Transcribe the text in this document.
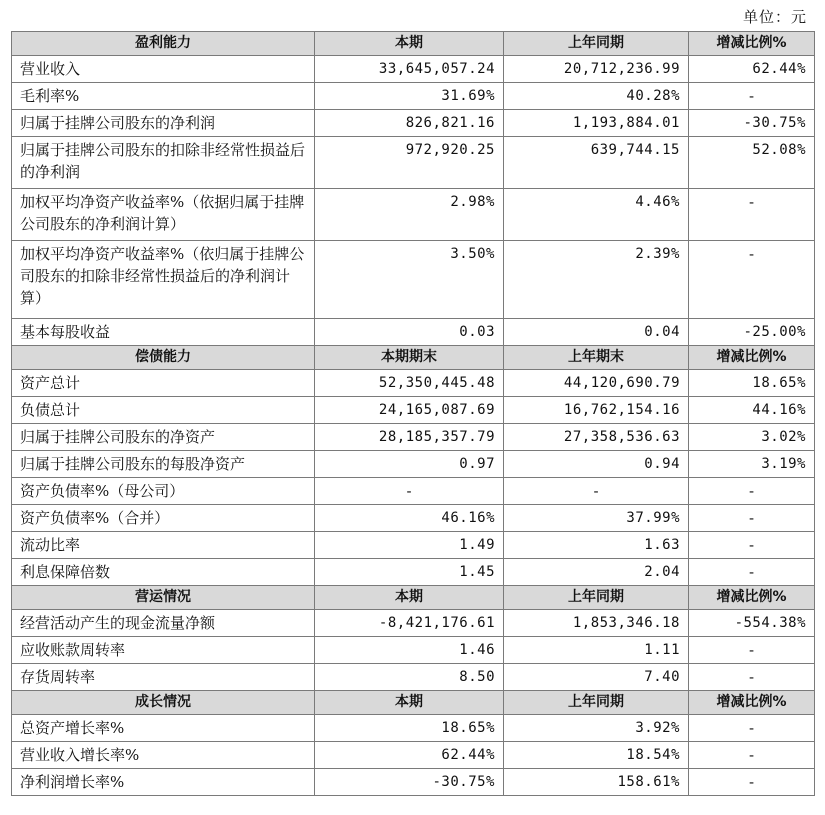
单位：元
盈利能力	本期	上年同期	增减比例%
营业收入	33,645,057.24	20,712,236.99	62.44%
毛利率%	31.69%	40.28%	-
归属于挂牌公司股东的净利润	826,821.16	1,193,884.01	-30.75%
归属于挂牌公司股东的扣除非经常性损益后的净利润	972,920.25	639,744.15	52.08%
加权平均净资产收益率%（依据归属于挂牌公司股东的净利润计算）	2.98%	4.46%	-
加权平均净资产收益率%（依归属于挂牌公司股东的扣除非经常性损益后的净利润计算）	3.50%	2.39%	-
基本每股收益	0.03	0.04	-25.00%
偿债能力	本期期末	上年期末	增减比例%
资产总计	52,350,445.48	44,120,690.79	18.65%
负债总计	24,165,087.69	16,762,154.16	44.16%
归属于挂牌公司股东的净资产	28,185,357.79	27,358,536.63	3.02%
归属于挂牌公司股东的每股净资产	0.97	0.94	3.19%
资产负债率%（母公司）	-	-	-
资产负债率%（合并）	46.16%	37.99%	-
流动比率	1.49	1.63	-
利息保障倍数	1.45	2.04	-
营运情况	本期	上年同期	增减比例%
经营活动产生的现金流量净额	-8,421,176.61	1,853,346.18	-554.38%
应收账款周转率	1.46	1.11	-
存货周转率	8.50	7.40	-
成长情况	本期	上年同期	增减比例%
总资产增长率%	18.65%	3.92%	-
营业收入增长率%	62.44%	18.54%	-
净利润增长率%	-30.75%	158.61%	-
